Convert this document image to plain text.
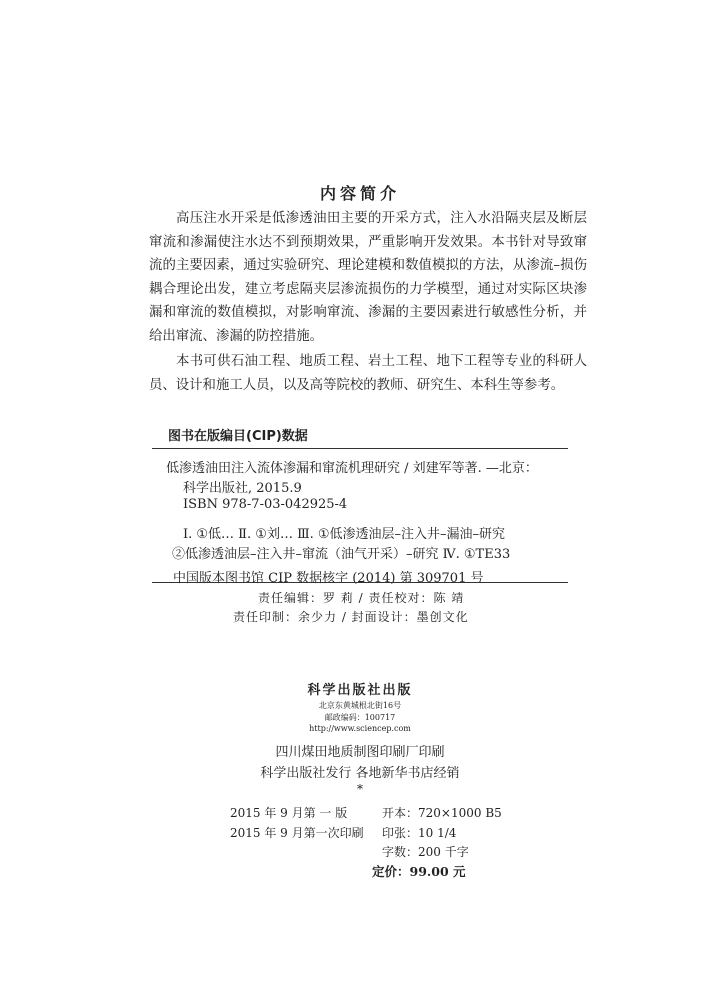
内容简介
高压注水开采是低渗透油田主要的开采方式，注入水沿隔夹层及断层
窜流和渗漏使注水达不到预期效果，严重影响开发效果。本书针对导致窜
流的主要因素，通过实验研究、理论建模和数值模拟的方法，从渗流–损伤
耦合理论出发，建立考虑隔夹层渗流损伤的力学模型，通过对实际区块渗
漏和窜流的数值模拟，对影响窜流、渗漏的主要因素进行敏感性分析，并
给出窜流、渗漏的防控措施。
本书可供石油工程、地质工程、岩土工程、地下工程等专业的科研人
员、设计和施工人员，以及高等院校的教师、研究生、本科生等参考。
图书在版编目(CIP)数据
低渗透油田注入流体渗漏和窜流机理研究 / 刘建军等著. —北京：
科学出版社, 2015.9
ISBN 978-7-03-042925-4
Ⅰ. ①低… Ⅱ. ①刘… Ⅲ. ①低渗透油层–注入井–漏油–研究
②低渗透油层–注入井–窜流（油气开采）–研究 Ⅳ. ①TE33
中国版本图书馆 CIP 数据核字 (2014) 第 309701 号
责任编辑：罗 莉 / 责任校对：陈 靖
责任印制：余少力 / 封面设计：墨创文化
科学出版社出版
北京东黄城根北街16号
邮政编码：100717
http://www.sciencep.com
四川煤田地质制图印刷厂印刷
科学出版社发行 各地新华书店经销
*
2015 年 9 月第 一 版	开本：720×1000 B5
2015 年 9 月第一次印刷 印张：10 1/4
字数：200 千字
定价：99.00 元
